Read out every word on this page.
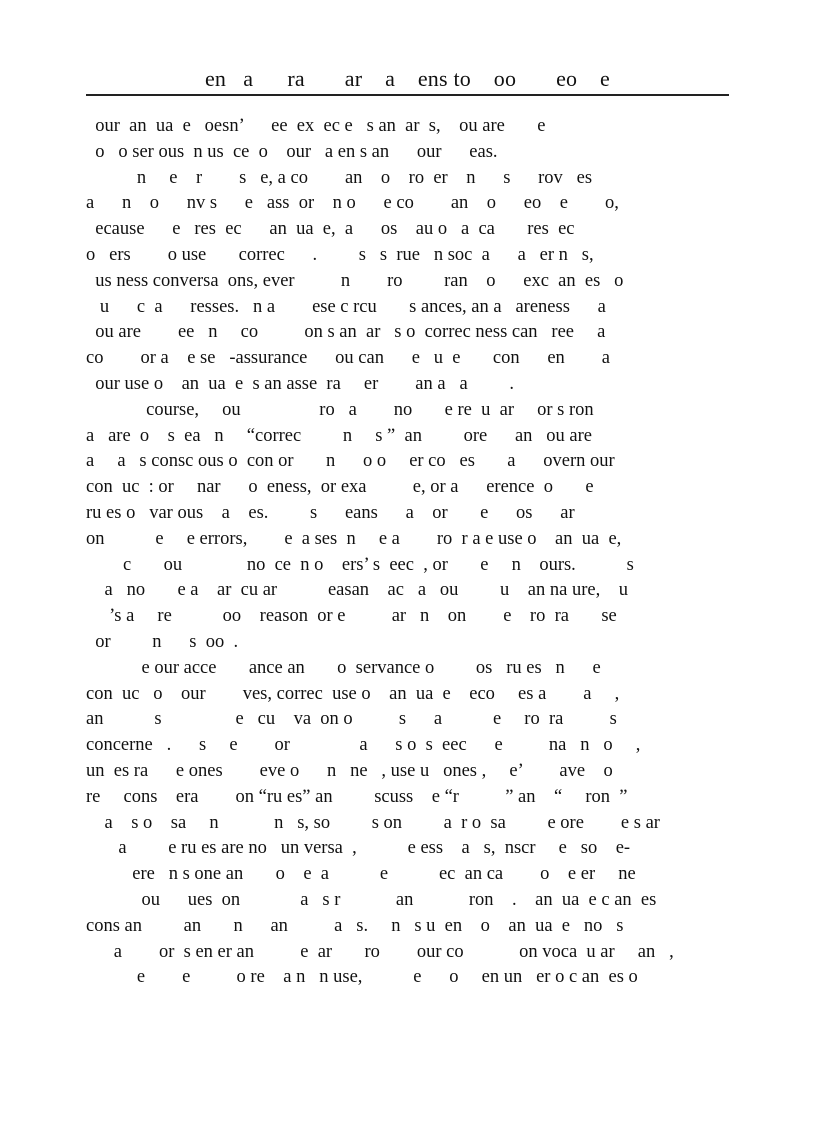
en   a      ra       ar    a    ens to    oo       eo    e
our  an  ua  e   oesn’      ee  ex  ec e   s an  ar  s,    ou are       e
o   o ser ous  n us  ce  o    our   a en s an      our      eas.
n     e    r        s   e, a co        an    o    ro  er    n      s      rov   es
a      n    o      nv s      e   ass  or    n o      e co        an    o      eo    e        o,
ecause      e   res  ec      an  ua  e,  a      os    au o   a  ca       res  ec
o   ers        o use       correc      .         s   s  rue   n soc  a      a   er n   s,
us ness conversa  ons, ever          n        ro         ran    o      exc  an  es   o
u      c  a      resses.   n a        ese c rcu       s ances, an a   areness      a
ou are        ee   n     co          on s an  ar   s o  correc ness can   ree     a
co        or a    e se   -assurance      ou can      e   u  e       con      en        a
our use o    an  ua  e  s an asse  ra     er        an a   a         .
course,     ou                 ro   a        no       e re  u  ar     or s ron
a   are  o    s  ea   n     “correc         n     s ”  an         ore      an   ou are
a     a   s consc ous o  con or       n      o o     er co   es       a      overn our
con  uc  : or     nar      o  eness,  or exa          e, or a      erence  o       e
ru es o   var ous    a    es.         s      eans      a    or       e      os      ar
on           e     e errors,        e  a ses  n     e a        ro  r a e use o    an  ua  e,
c       ou              no  ce  n o    ers’ s  eec  , or       e     n    ours.           s
a   no       e a    ar  cu ar           easan    ac   a   ou         u    an na ure,    u
’s a     re           oo    reason  or e          ar   n    on        e    ro  ra       se
or         n      s  oo  .
e our acce       ance an       o  servance o         os   ru es   n      e
con  uc   o    our        ves, correc  use o    an  ua  e    eco     es a        a     ,
an           s                e   cu    va  on o          s      a           e     ro  ra          s
concerne   .      s     e        or               a      s o  s  eec      e          na   n   o     ,
un  es ra      e ones        eve o      n   ne   , use u   ones ,     e’        ave    o
re     cons    era        on “ru es” an         scuss    e “r          ” an    “     ron  ”
a    s o    sa     n            n   s, so         s on         a  r o  sa         e ore        e s ar
a         e ru es are no   un versa  ,           e ess    a   s,  nscr     e   so    e-
ere   n s one an       o    e  a           e           ec  an ca        o    e er     ne
ou      ues  on             a   s r            an            ron    .    an  ua  e c an  es
cons an         an       n      an          a   s.     n   s u  en    o    an  ua  e   no   s
a        or  s en er an          e  ar       ro        our co            on voca  u ar     an   ,
e        e          o re    a n   n use,           e      o     en un   er o c an  es o
